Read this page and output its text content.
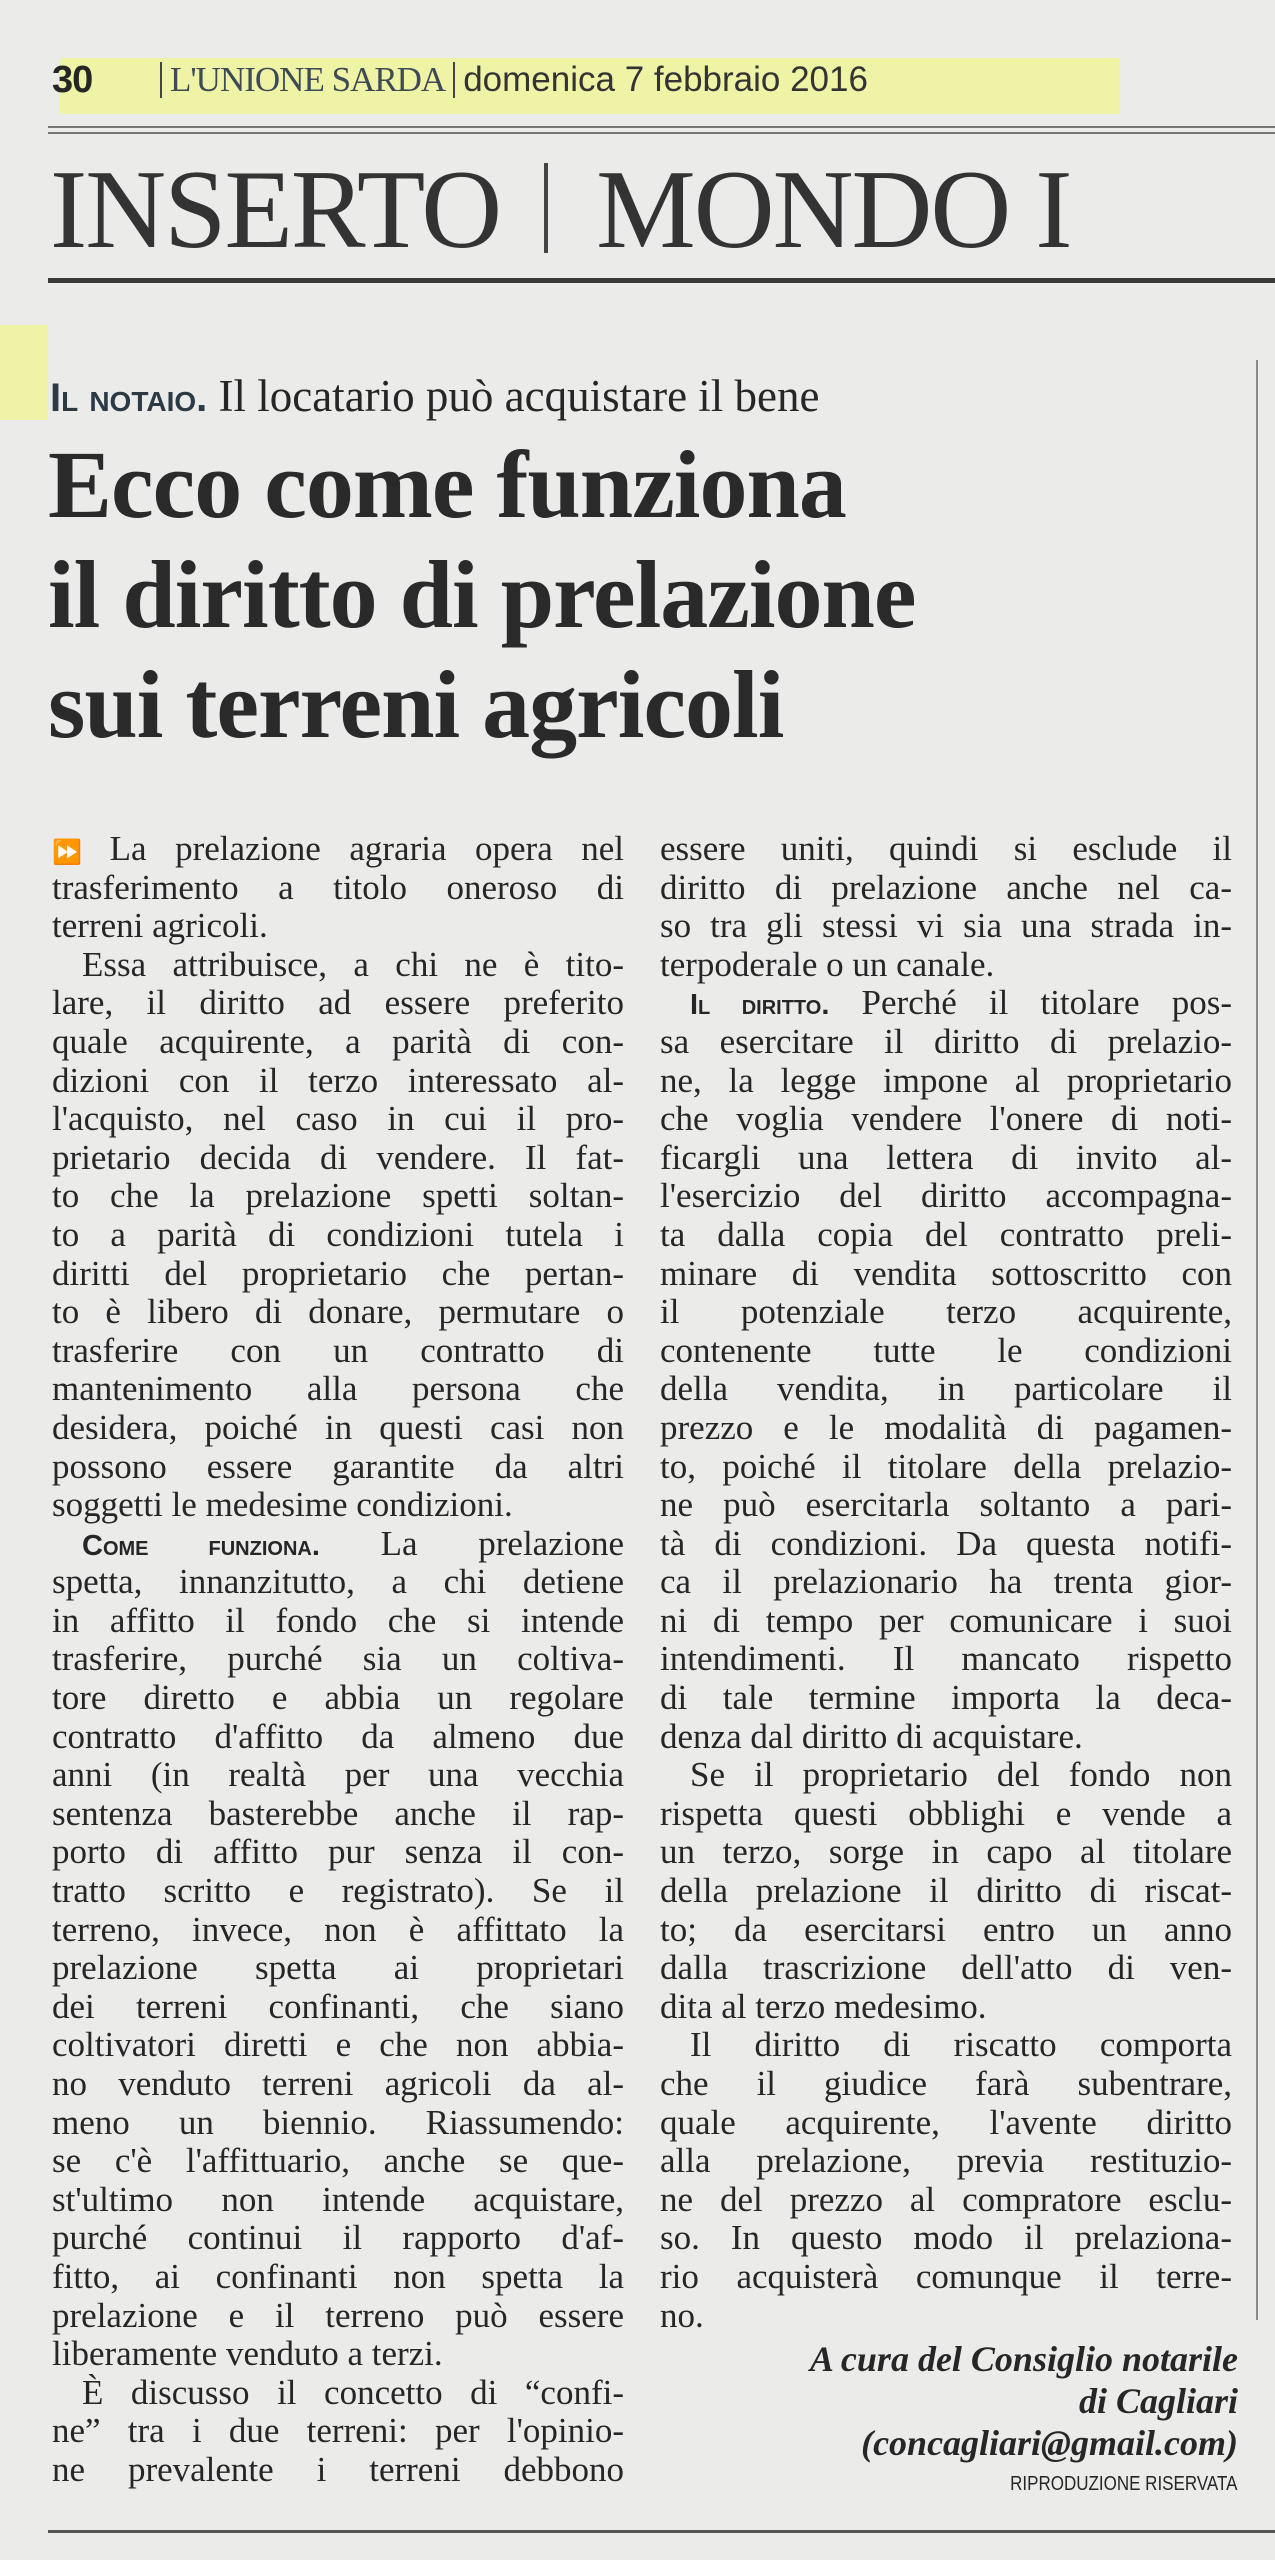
30	L'UNIONE SARDA domenica 7 febbraio 2016
INSERTO MONDO I
Il notaio. Il locatario può acquistare il bene
Ecco come funziona
il diritto di prelazione
sui terreni agricoli
⏩ La prelazione agraria opera nel
trasferimento a titolo oneroso di
terreni agricoli.
Essa attribuisce, a chi ne è tito-
lare, il diritto ad essere preferito
quale acquirente, a parità di con-
dizioni con il terzo interessato al-
l'acquisto, nel caso in cui il pro-
prietario decida di vendere. Il fat-
to che la prelazione spetti soltan-
to a parità di condizioni tutela i
diritti del proprietario che pertan-
to è libero di donare, permutare o
trasferire con un contratto di
mantenimento alla persona che
desidera, poiché in questi casi non
possono essere garantite da altri
soggetti le medesime condizioni.
Come funziona. La prelazione
spetta, innanzitutto, a chi detiene
in affitto il fondo che si intende
trasferire, purché sia un coltiva-
tore diretto e abbia un regolare
contratto d'affitto da almeno due
anni (in realtà per una vecchia
sentenza basterebbe anche il rap-
porto di affitto pur senza il con-
tratto scritto e registrato). Se il
terreno, invece, non è affittato la
prelazione spetta ai proprietari
dei terreni confinanti, che siano
coltivatori diretti e che non abbia-
no venduto terreni agricoli da al-
meno un biennio. Riassumendo:
se c'è l'affittuario, anche se que-
st'ultimo non intende acquistare,
purché continui il rapporto d'af-
fitto, ai confinanti non spetta la
prelazione e il terreno può essere
liberamente venduto a terzi.
È discusso il concetto di “confi-
ne” tra i due terreni: per l'opinio-
ne prevalente i terreni debbono
essere uniti, quindi si esclude il
diritto di prelazione anche nel ca-
so tra gli stessi vi sia una strada in-
terpoderale o un canale.
Il diritto. Perché il titolare pos-
sa esercitare il diritto di prelazio-
ne, la legge impone al proprietario
che voglia vendere l'onere di noti-
ficargli una lettera di invito al-
l'esercizio del diritto accompagna-
ta dalla copia del contratto preli-
minare di vendita sottoscritto con
il potenziale terzo acquirente,
contenente tutte le condizioni
della vendita, in particolare il
prezzo e le modalità di pagamen-
to, poiché il titolare della prelazio-
ne può esercitarla soltanto a pari-
tà di condizioni. Da questa notifi-
ca il prelazionario ha trenta gior-
ni di tempo per comunicare i suoi
intendimenti. Il mancato rispetto
di tale termine importa la deca-
denza dal diritto di acquistare.
Se il proprietario del fondo non
rispetta questi obblighi e vende a
un terzo, sorge in capo al titolare
della prelazione il diritto di riscat-
to; da esercitarsi entro un anno
dalla trascrizione dell'atto di ven-
dita al terzo medesimo.
Il diritto di riscatto comporta
che il giudice farà subentrare,
quale acquirente, l'avente diritto
alla prelazione, previa restituzio-
ne del prezzo al compratore esclu-
so. In questo modo il prelaziona-
rio acquisterà comunque il terre-
no.
A cura del Consiglio notarile
di Cagliari
(concagliari@gmail.com)
RIPRODUZIONE RISERVATA
